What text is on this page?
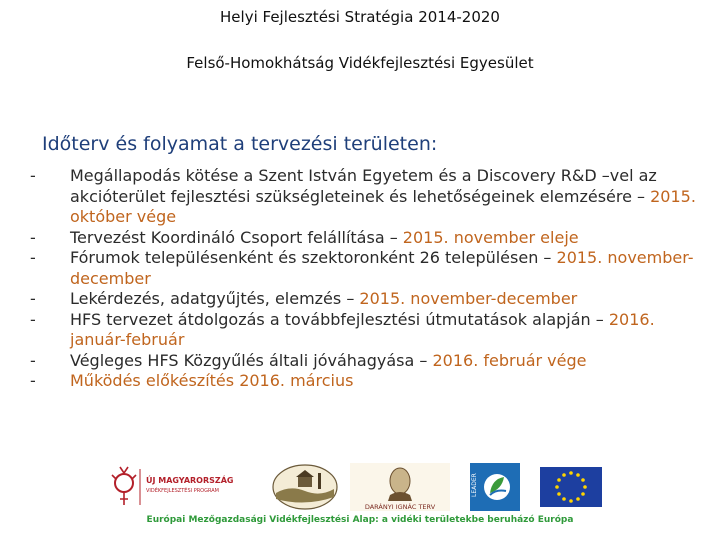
Helyi Fejlesztési Stratégia 2014-2020
Felső-Homokhátság Vidékfejlesztési Egyesület
Időterv és folyamat a tervezési területen:
- Megállapodás kötése a Szent István Egyetem és a Discovery R&D –vel az akcióterület fejlesztési szükségleteinek és lehetőségeinek elemzésére – 2015. október vége
- Tervezést Koordináló Csoport felállítása – 2015. november eleje
- Fórumok településenként és szektoronként 26 településen – 2015. november-december
- Lekérdezés, adatgyűjtés, elemzés – 2015. november-december
- HFS tervezet átdolgozás a továbbfejlesztési útmutatások alapján – 2016. január-február
- Végleges HFS Közgyűlés általi jóváhagyása – 2016. február vége
- Működés előkészítés 2016. március
ÚJ MAGYARORSZÁG
VIDÉKFEJLESZTÉSI PROGRAM
DARÁNYI IGNÁC TERV
LEADER
Európai Mezőgazdasági Vidékfejlesztési Alap: a vidéki területekbe beruházó Európa
